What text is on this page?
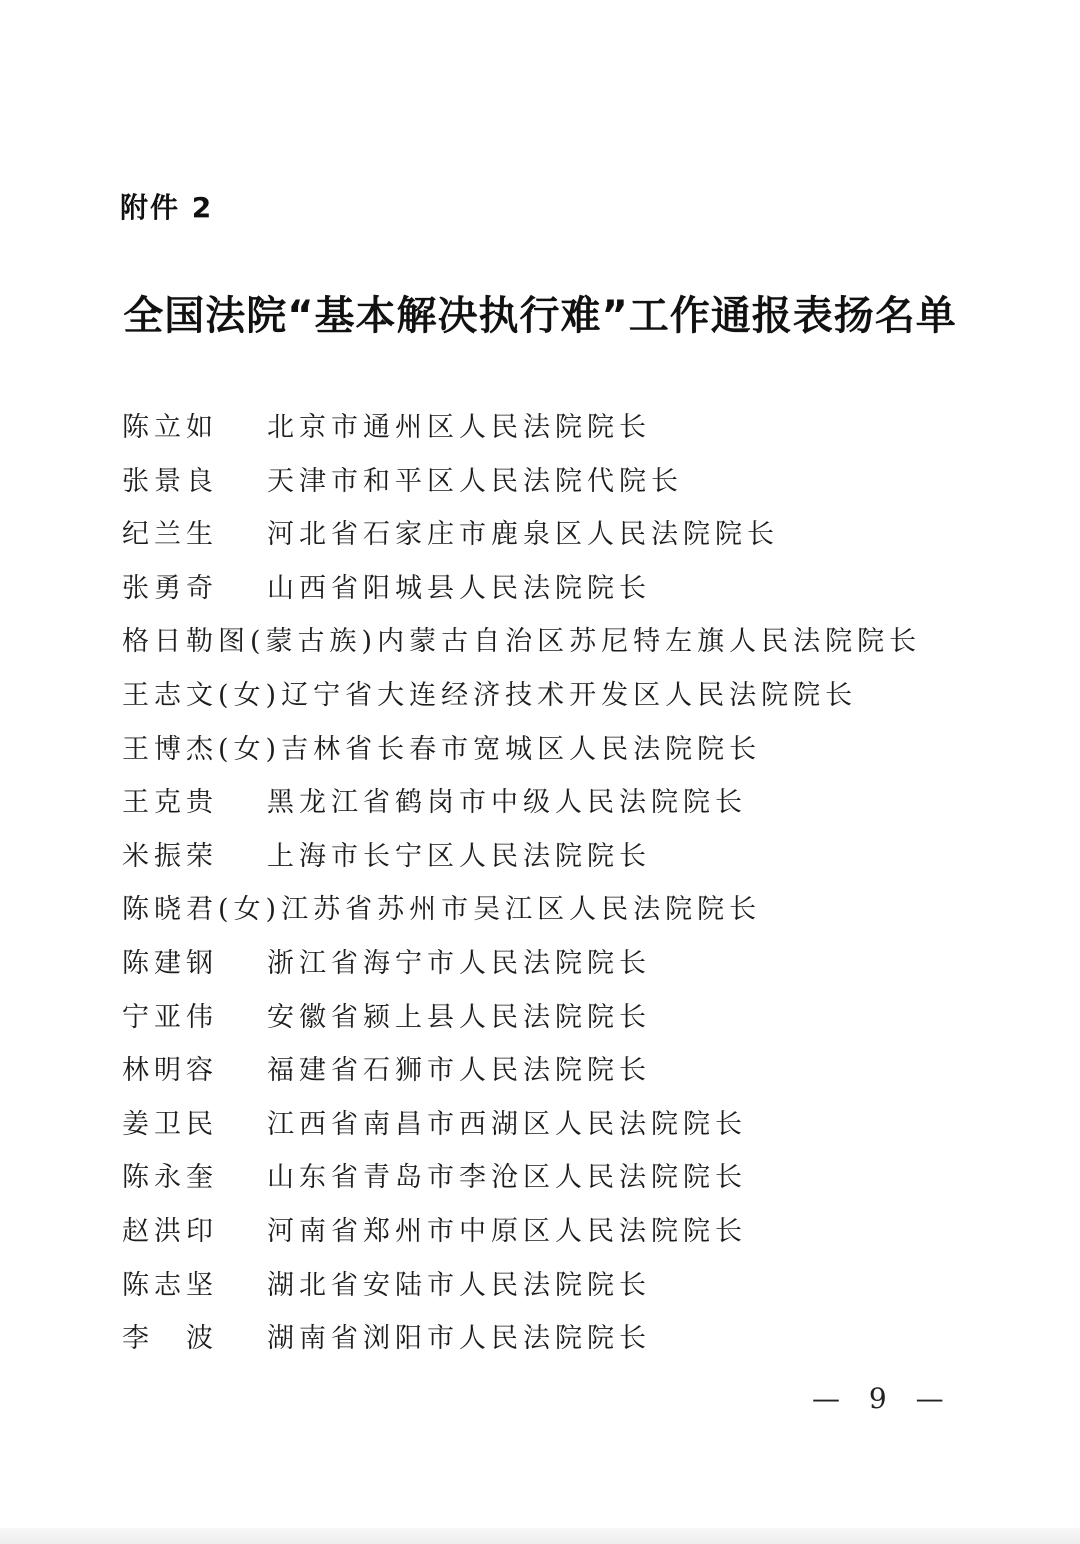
附件 2
全国法院“基本解决执行难”工作通报表扬名单
陈立如 北京市通州区人民法院院长
张景良 天津市和平区人民法院代院长
纪兰生 河北省石家庄市鹿泉区人民法院院长
张勇奇 山西省阳城县人民法院院长
格日勒图(蒙古族)内蒙古自治区苏尼特左旗人民法院院长
王志文(女)辽宁省大连经济技术开发区人民法院院长
王博杰(女)吉林省长春市宽城区人民法院院长
王克贵 黑龙江省鹤岗市中级人民法院院长
米振荣 上海市长宁区人民法院院长
陈晓君(女)江苏省苏州市吴江区人民法院院长
陈建钢 浙江省海宁市人民法院院长
宁亚伟 安徽省颍上县人民法院院长
林明容 福建省石狮市人民法院院长
姜卫民 江西省南昌市西湖区人民法院院长
陈永奎 山东省青岛市李沧区人民法院院长
赵洪印 河南省郑州市中原区人民法院院长
陈志坚 湖北省安陆市人民法院院长
李　波 湖南省浏阳市人民法院院长
— 9 —
